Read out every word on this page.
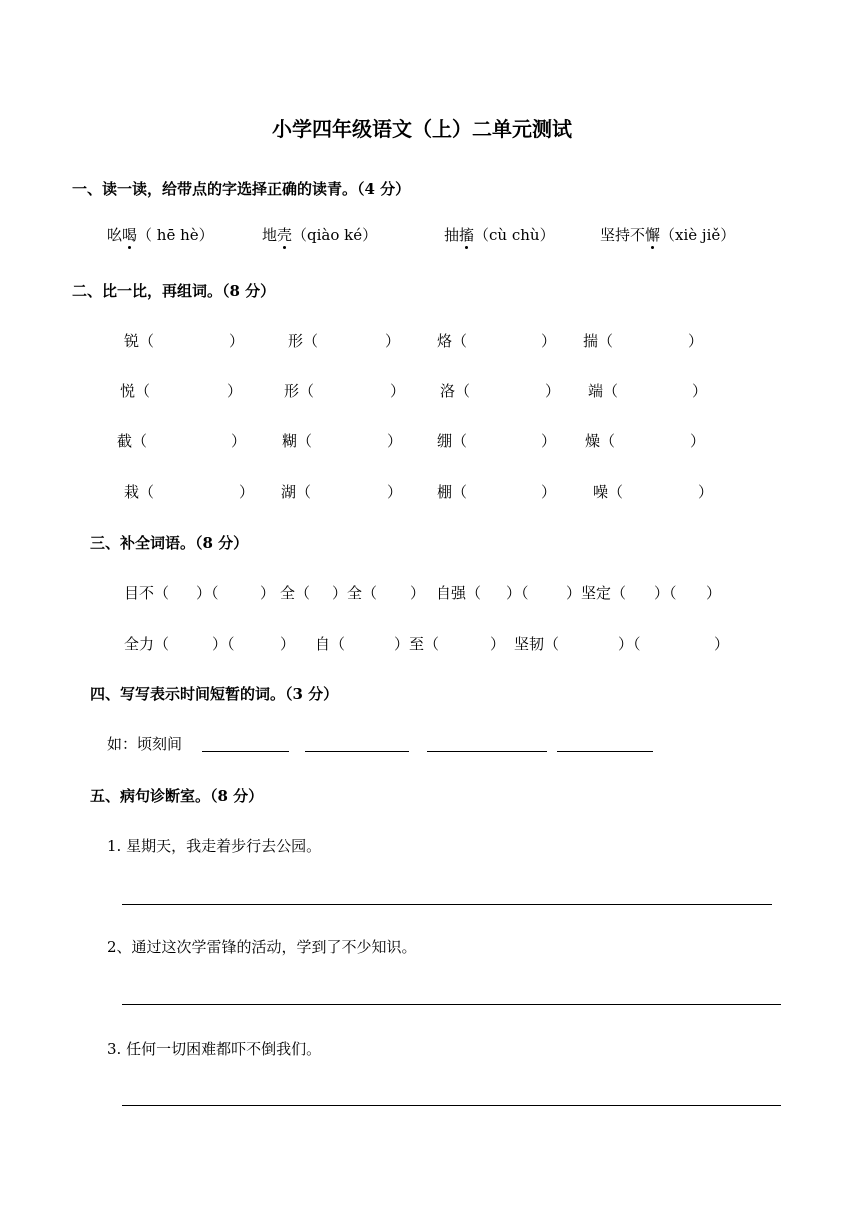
小学四年级语文（上）二单元测试
一、读一读，给带点的字选择正确的读青。（4 分）
吆喝
（ hē hè）	地壳
（qiào ké）	抽搐
（cù chù）	坚持不懈
（xiè jiě）
二、比一比，再组词。（8 分）
锐（	）	形（	） 烙（	） 揣（	）
悦（	）	形（	） 洛（	） 端（	）
截（	） 糊（	） 绷（	） 燥（	）
栽（	） 湖（	） 棚（	） 噪（	）
三、补全词语。（8 分）
目不（ ）（	） 全（ ）全（ ） 自强（ ）（ ）坚定（ ）（ ）
全力（	）（	） 自（	）至（	） 坚韧（	）（	）
四、写写表示时间短暂的词。（3 分）
如：顷刻间
五、病句诊断室。（8 分）
1. 星期天，我走着步行去公园。
2、通过这次学雷锋的活动，学到了不少知识。
3. 任何一切困难都吓不倒我们。
